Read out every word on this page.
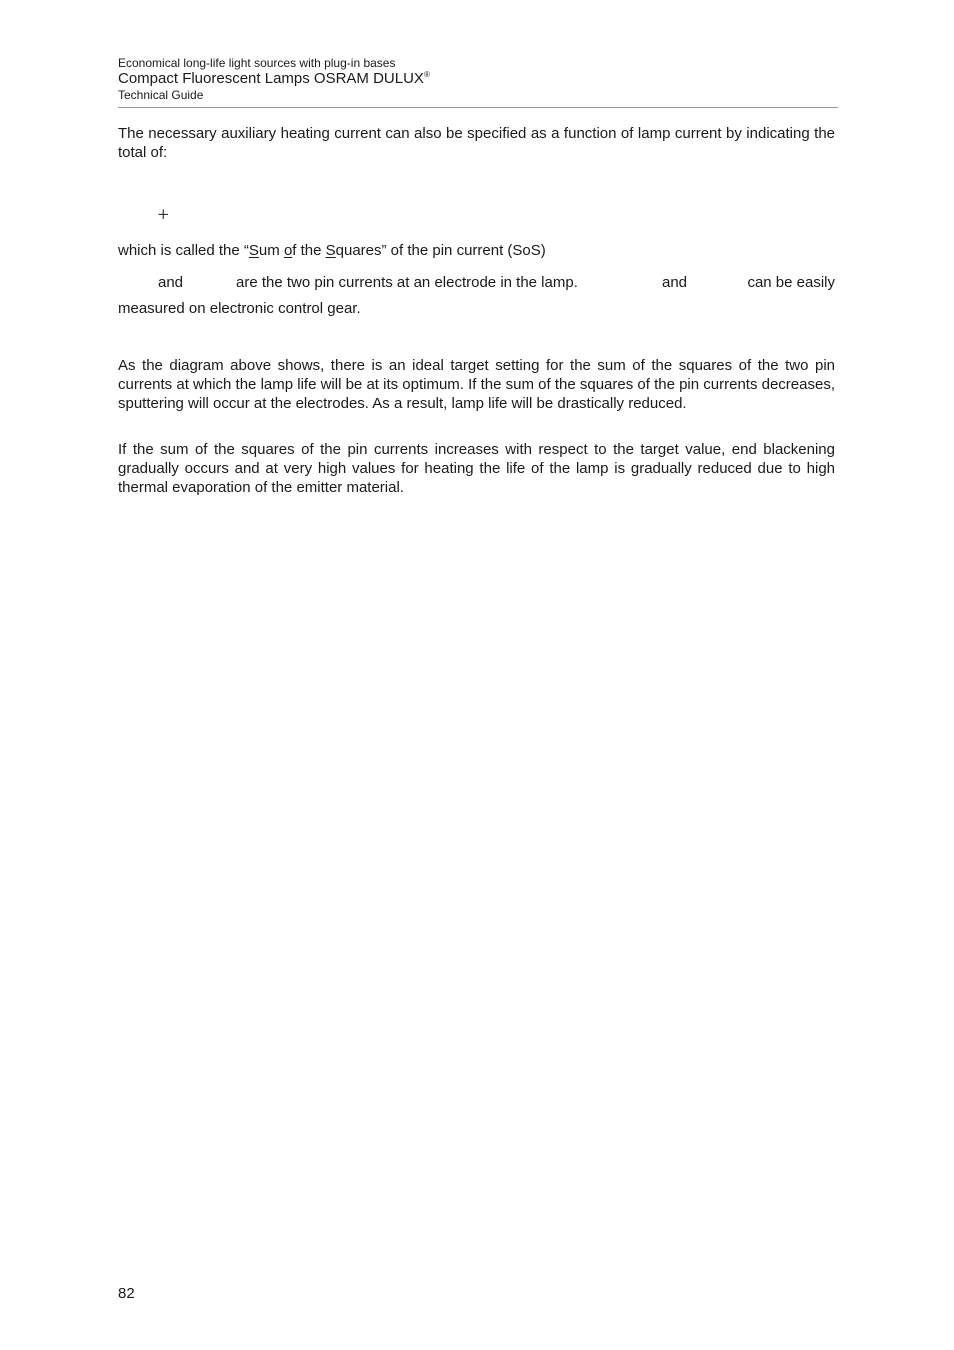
Economical long-life light sources with plug-in bases
Compact Fluorescent Lamps OSRAM DULUX®
Technical Guide
The necessary auxiliary heating current can also be specified as a function of lamp current by indicating the total of:
+
which is called the “Sum of the Squares” of the pin current (SoS)
and	are the two pin currents at an electrode in the lamp.	and	can be easily
measured on electronic control gear.
As the diagram above shows, there is an ideal target setting for the sum of the squares of the two pin currents at which the lamp life will be at its optimum. If the sum of the squares of the pin currents decreases, sputtering will occur at the electrodes. As a result, lamp life will be drastically reduced.
If the sum of the squares of the pin currents increases with respect to the target value, end blackening gradually occurs and at very high values for heating the life of the lamp is gradually reduced due to high thermal evaporation of the emitter material.
82
